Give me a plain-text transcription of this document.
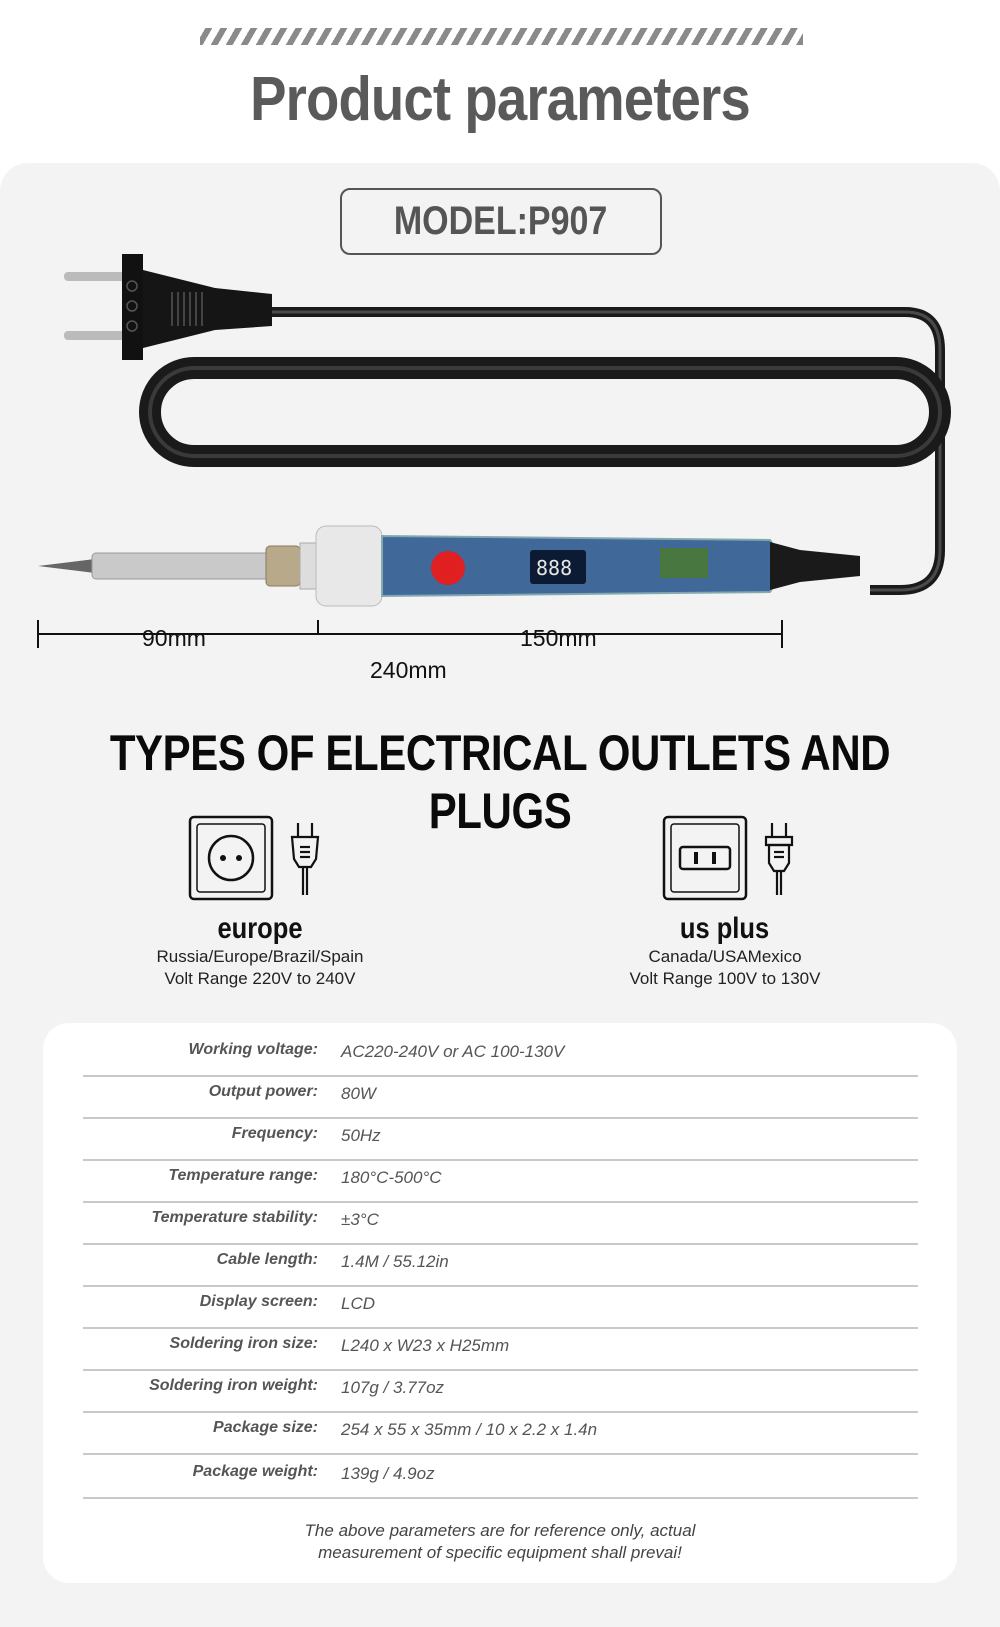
Product parameters
MODEL:P907
888
90mm	150mm
240mm
TYPES OF ELECTRICAL OUTLETS AND PLUGS
europe
Russia/Europe/Brazil/Spain
Volt Range 220V to 240V
us plus
Canada/USAMexico
Volt Range 100V to 130V
Working voltage: AC220-240V or AC 100-130V
Output power: 80W
Frequency: 50Hz
Temperature range: 180°C-500°C
Temperature stability: ±3°C
Cable length: 1.4M / 55.12in
Display screen: LCD
Soldering iron size: L240 x W23 x H25mm
Soldering iron weight: 107g / 3.77oz
Package size: 254 x 55 x 35mm / 10 x 2.2 x 1.4n
Package weight: 139g / 4.9oz
The above parameters are for reference only, actual
measurement of specific equipment shall prevai!
